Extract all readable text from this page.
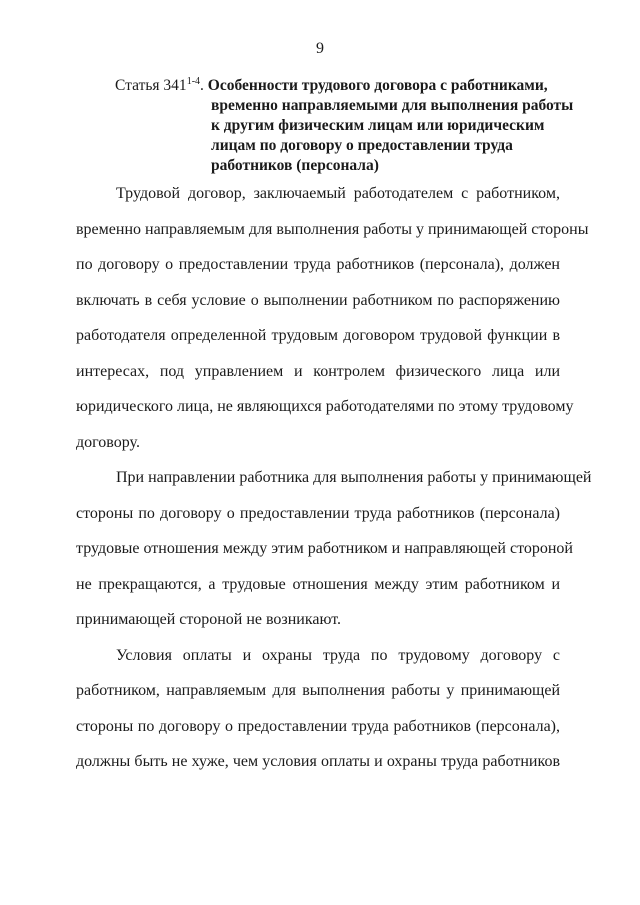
9
Статья 341$^{1-4}$. Особенности трудового договора с работниками,
временно направляемыми для выполнения работы
к другим физическим лицам или юридическим
лицам по договору о предоставлении труда
работников (персонала)
Трудовой договор, заключаемый работодателем с работником,
временно направляемым для выполнения работы у принимающей стороны
по договору о предоставлении труда работников (персонала), должен
включать в себя условие о выполнении работником по распоряжению
работодателя определенной трудовым договором трудовой функции в
интересах, под управлением и контролем физического лица или
юридического лица, не являющихся работодателями по этому трудовому
договору.
При направлении работника для выполнения работы у принимающей
стороны по договору о предоставлении труда работников (персонала)
трудовые отношения между этим работником и направляющей стороной
не прекращаются, а трудовые отношения между этим работником и
принимающей стороной не возникают.
Условия оплаты и охраны труда по трудовому договору с
работником, направляемым для выполнения работы у принимающей
стороны по договору о предоставлении труда работников (персонала),
должны быть не хуже, чем условия оплаты и охраны труда работников
